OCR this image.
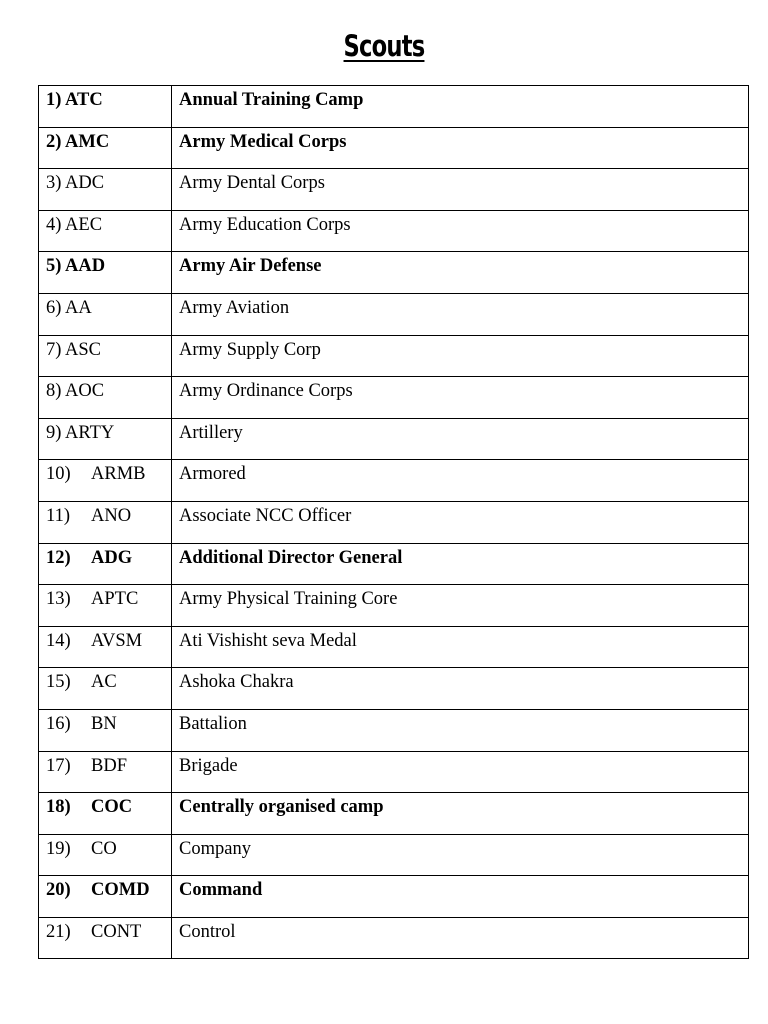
Scouts
1) ATC	Annual Training Camp
2) AMC	Army Medical Corps
3) ADC	Army Dental Corps
4) AEC	Army Education Corps
5) AAD	Army Air Defense
6) AA	Army Aviation
7) ASC	Army Supply Corp
8) AOC	Army Ordinance Corps
9) ARTY	Artillery
10) ARMB	Armored
11) ANO	Associate NCC Officer
12) ADG	Additional Director General
13) APTC	Army Physical Training Core
14) AVSM	Ati Vishisht seva Medal
15) AC	Ashoka Chakra
16) BN	Battalion
17) BDF	Brigade
18) COC	Centrally organised camp
19) CO	Company
20) COMD	Command
21) CONT	Control
